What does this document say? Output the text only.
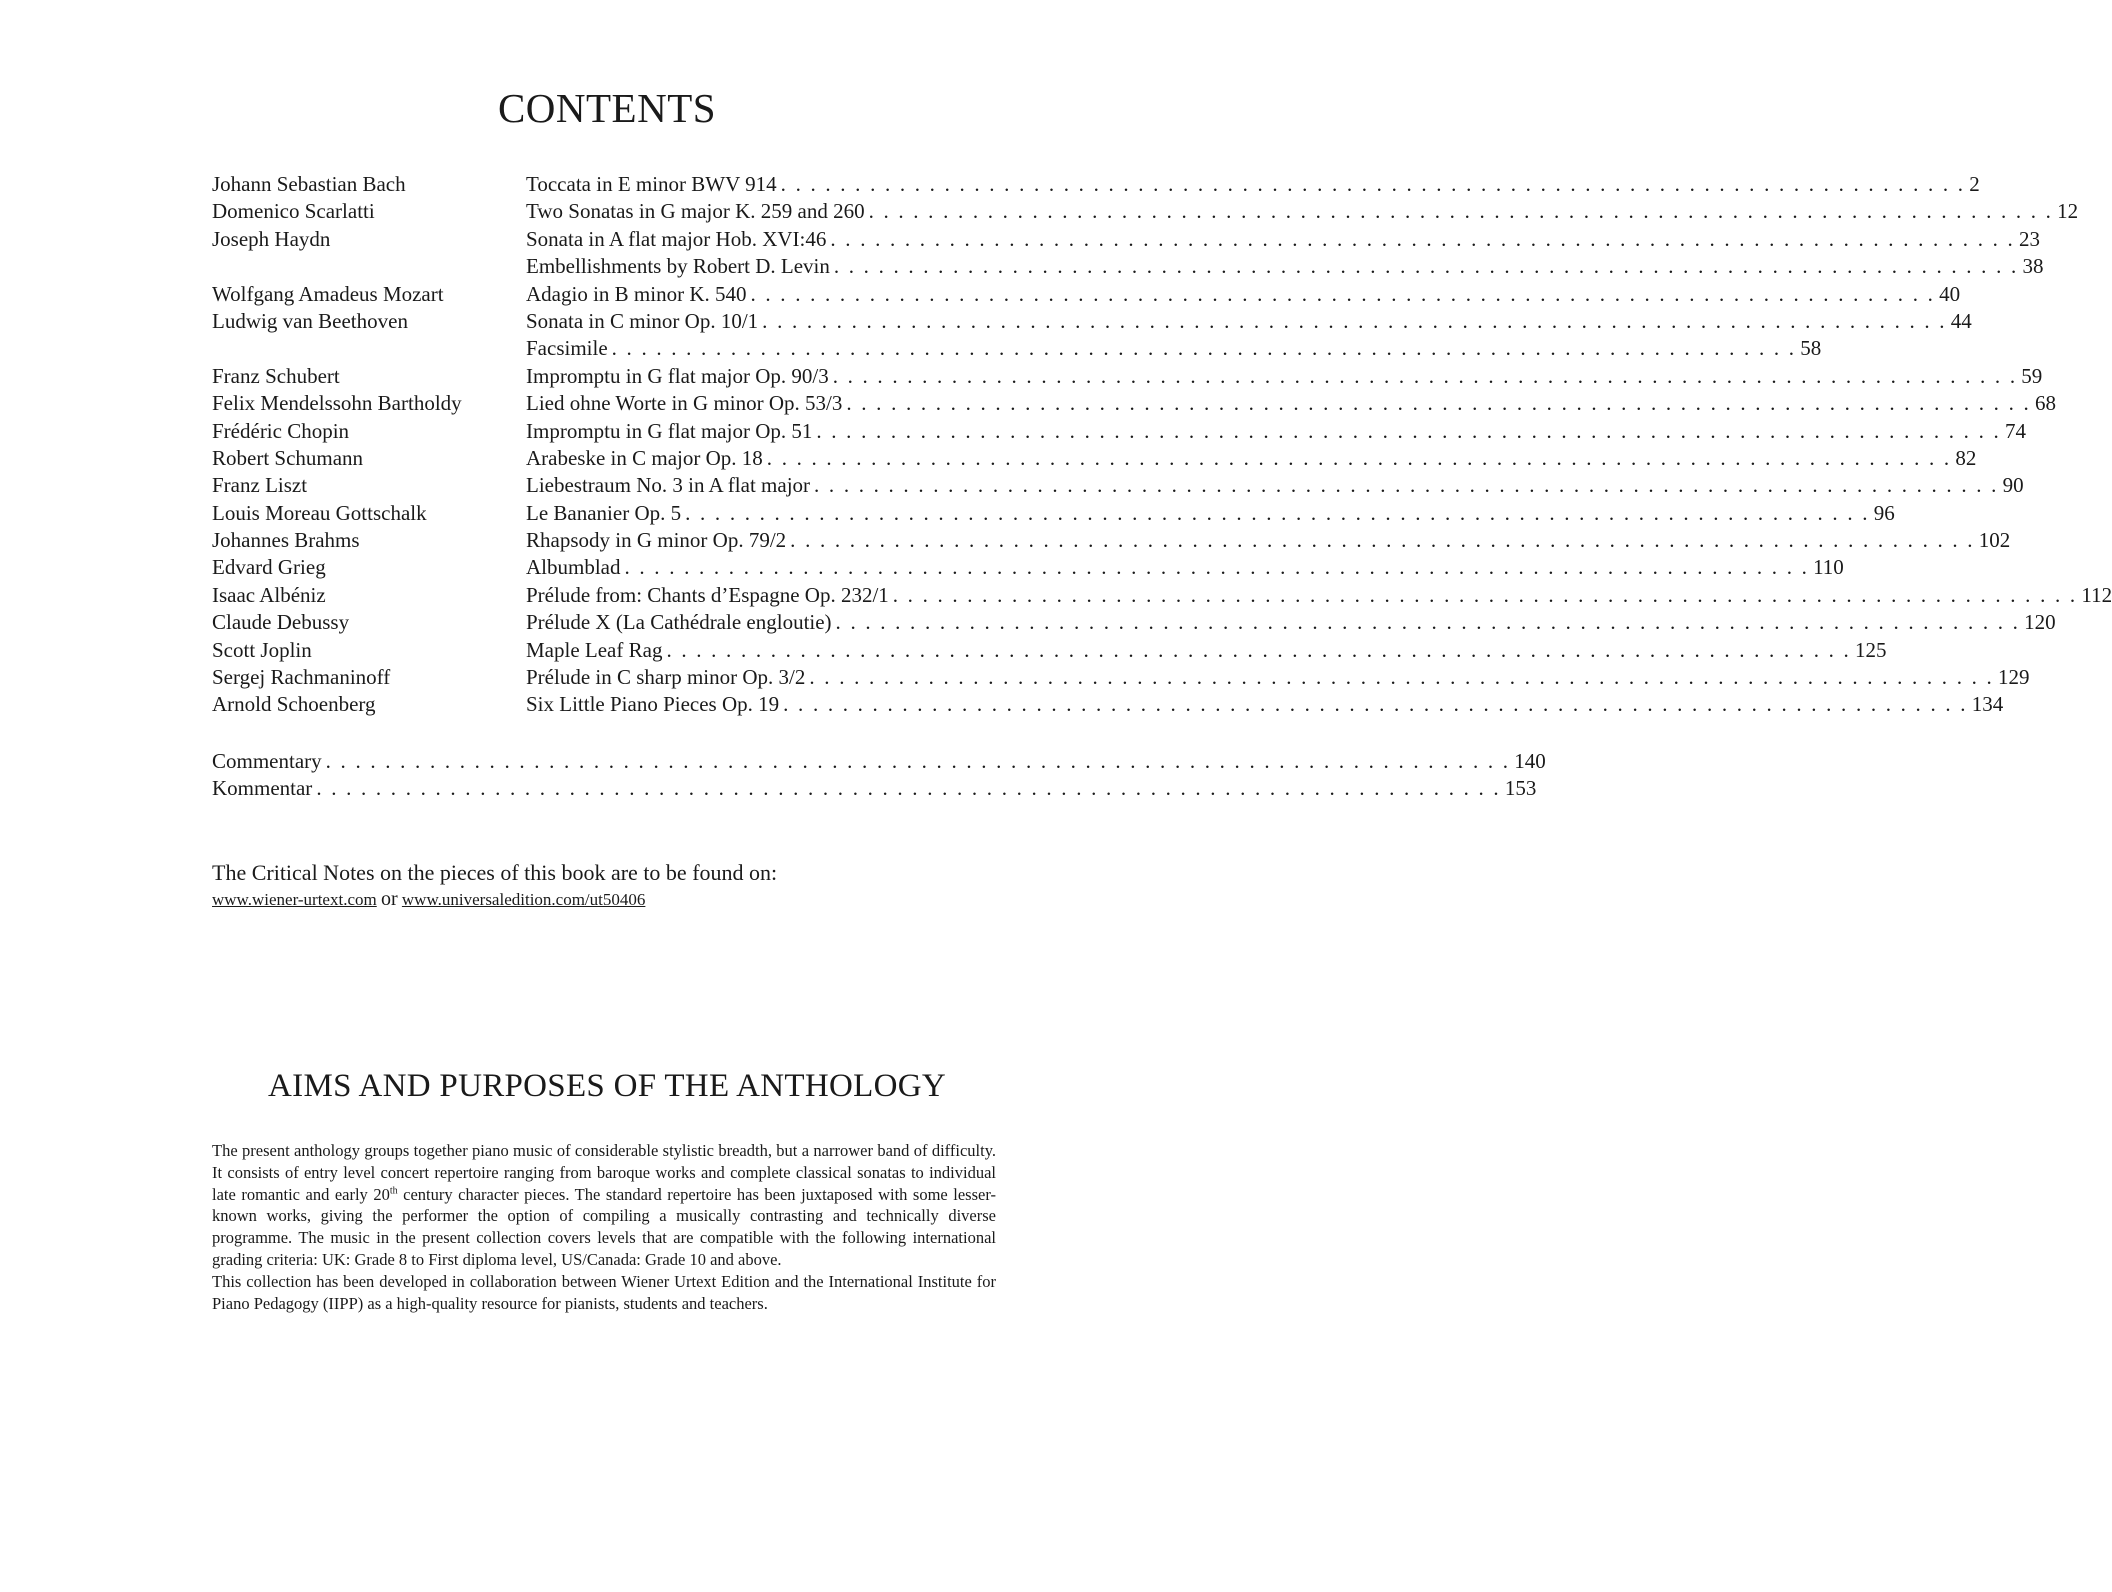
CONTENTS
Johann Sebastian Bach	Toccata in E minor BWV 914 . . . . . . . . . . . . . . . . . . . . . . . . . . . . . . . . . . . . . . . . . . . . . . . . . . . . . . . . . . . . . . . . . . . . . . . . . . . . . . . . 2
Domenico Scarlatti	Two Sonatas in G major K. 259 and 260 . . . . . . . . . . . . . . . . . . . . . . . . . . . . . . . . . . . . . . . . . . . . . . . . . . . . . . . . . . . . . . . . . . . . . . . . . . . . . . . . 12
Joseph Haydn	Sonata in A flat major Hob. XVI:46 . . . . . . . . . . . . . . . . . . . . . . . . . . . . . . . . . . . . . . . . . . . . . . . . . . . . . . . . . . . . . . . . . . . . . . . . . . . . . . . . 23
Embellishments by Robert D. Levin . . . . . . . . . . . . . . . . . . . . . . . . . . . . . . . . . . . . . . . . . . . . . . . . . . . . . . . . . . . . . . . . . . . . . . . . . . . . . . . . 38
Wolfgang Amadeus Mozart	Adagio in B minor K. 540 . . . . . . . . . . . . . . . . . . . . . . . . . . . . . . . . . . . . . . . . . . . . . . . . . . . . . . . . . . . . . . . . . . . . . . . . . . . . . . . . 40
Ludwig van Beethoven	Sonata in C minor Op. 10/1 . . . . . . . . . . . . . . . . . . . . . . . . . . . . . . . . . . . . . . . . . . . . . . . . . . . . . . . . . . . . . . . . . . . . . . . . . . . . . . . . 44
Facsimile . . . . . . . . . . . . . . . . . . . . . . . . . . . . . . . . . . . . . . . . . . . . . . . . . . . . . . . . . . . . . . . . . . . . . . . . . . . . . . . . 58
Franz Schubert	Impromptu in G flat major Op. 90/3 . . . . . . . . . . . . . . . . . . . . . . . . . . . . . . . . . . . . . . . . . . . . . . . . . . . . . . . . . . . . . . . . . . . . . . . . . . . . . . . . 59
Felix Mendelssohn Bartholdy	Lied ohne Worte in G minor Op. 53/3 . . . . . . . . . . . . . . . . . . . . . . . . . . . . . . . . . . . . . . . . . . . . . . . . . . . . . . . . . . . . . . . . . . . . . . . . . . . . . . . . 68
Frédéric Chopin	Impromptu in G flat major Op. 51 . . . . . . . . . . . . . . . . . . . . . . . . . . . . . . . . . . . . . . . . . . . . . . . . . . . . . . . . . . . . . . . . . . . . . . . . . . . . . . . . 74
Robert Schumann	Arabeske in C major Op. 18 . . . . . . . . . . . . . . . . . . . . . . . . . . . . . . . . . . . . . . . . . . . . . . . . . . . . . . . . . . . . . . . . . . . . . . . . . . . . . . . . 82
Franz Liszt	Liebestraum No. 3 in A flat major . . . . . . . . . . . . . . . . . . . . . . . . . . . . . . . . . . . . . . . . . . . . . . . . . . . . . . . . . . . . . . . . . . . . . . . . . . . . . . . . 90
Louis Moreau Gottschalk	Le Bananier Op. 5 . . . . . . . . . . . . . . . . . . . . . . . . . . . . . . . . . . . . . . . . . . . . . . . . . . . . . . . . . . . . . . . . . . . . . . . . . . . . . . . . 96
Johannes Brahms	Rhapsody in G minor Op. 79/2 . . . . . . . . . . . . . . . . . . . . . . . . . . . . . . . . . . . . . . . . . . . . . . . . . . . . . . . . . . . . . . . . . . . . . . . . . . . . . . . . 102
Edvard Grieg	Albumblad . . . . . . . . . . . . . . . . . . . . . . . . . . . . . . . . . . . . . . . . . . . . . . . . . . . . . . . . . . . . . . . . . . . . . . . . . . . . . . . . 110
Isaac Albéniz	Prélude from: Chants d’Espagne Op. 232/1 . . . . . . . . . . . . . . . . . . . . . . . . . . . . . . . . . . . . . . . . . . . . . . . . . . . . . . . . . . . . . . . . . . . . . . . . . . . . . . . . 112
Claude Debussy	Prélude X (La Cathédrale engloutie) . . . . . . . . . . . . . . . . . . . . . . . . . . . . . . . . . . . . . . . . . . . . . . . . . . . . . . . . . . . . . . . . . . . . . . . . . . . . . . . . 120
Scott Joplin	Maple Leaf Rag . . . . . . . . . . . . . . . . . . . . . . . . . . . . . . . . . . . . . . . . . . . . . . . . . . . . . . . . . . . . . . . . . . . . . . . . . . . . . . . . 125
Sergej Rachmaninoff	Prélude in C sharp minor Op. 3/2 . . . . . . . . . . . . . . . . . . . . . . . . . . . . . . . . . . . . . . . . . . . . . . . . . . . . . . . . . . . . . . . . . . . . . . . . . . . . . . . . 129
Arnold Schoenberg	Six Little Piano Pieces Op. 19 . . . . . . . . . . . . . . . . . . . . . . . . . . . . . . . . . . . . . . . . . . . . . . . . . . . . . . . . . . . . . . . . . . . . . . . . . . . . . . . . 134
Commentary . . . . . . . . . . . . . . . . . . . . . . . . . . . . . . . . . . . . . . . . . . . . . . . . . . . . . . . . . . . . . . . . . . . . . . . . . . . . . . . . 140
Kommentar . . . . . . . . . . . . . . . . . . . . . . . . . . . . . . . . . . . . . . . . . . . . . . . . . . . . . . . . . . . . . . . . . . . . . . . . . . . . . . . . 153

The Critical Notes on the pieces of this book are to be found on:

www.wiener-urtext.com or www.universaledition.com/ut50406

AIMS AND PURPOSES OF THE ANTHOLOGY

The present anthology groups together piano music of considerable stylistic breadth, but a narrower band of difficulty. It consists of entry level concert repertoire ranging from baroque works and complete classical sonatas to individual late romantic and early 20th century character pieces. The standard repertoire has been juxtaposed with some lesser-known works, giving the performer the option of compiling a musically contrasting and technically diverse programme. The music in the present collection covers levels that are compatible with the following international grading criteria: UK: Grade 8 to First diploma level, US/Canada: Grade 10 and above.

This collection has been developed in collaboration between Wiener Urtext Edition and the International Institute for Piano Pedagogy (IIPP) as a high-quality resource for pianists, students and teachers.
